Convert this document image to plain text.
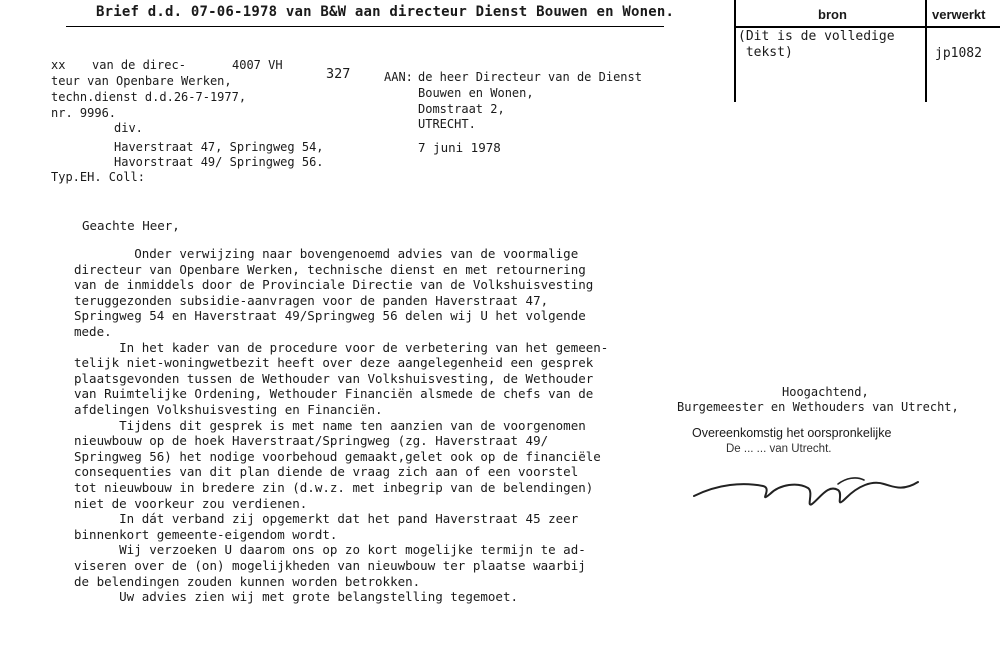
Brief d.d. 07-06-1978 van B&W aan directeur Dienst Bouwen en Wonen.	bron	verwerkt
(Dit is de volledige
tekst)	jp1082
xx van de direc-	4007 VH
teur van Openbare Werken,
techn.dienst d.d.26-7-1977,
nr. 9996.
div.
327
Haverstraat 47, Springweg 54,
Havorstraat 49/ Springweg 56.
Typ.EH. Coll:
AAN: de heer Directeur van de Dienst
Bouwen en Wonen,
Domstraat 2,
UTRECHT.
7 juni 1978
Geachte Heer,
Onder verwijzing naar bovengenoemd advies van de voormalige
directeur van Openbare Werken, technische dienst en met retournering
van de inmiddels door de Provinciale Directie van de Volkshuisvesting
teruggezonden subsidie-aanvragen voor de panden Haverstraat 47,
Springweg 54 en Haverstraat 49/Springweg 56 delen wij U het volgende
mede.
In het kader van de procedure voor de verbetering van het gemeen-
telijk niet-woningwetbezit heeft over deze aangelegenheid een gesprek
plaatsgevonden tussen de Wethouder van Volkshuisvesting, de Wethouder
van Ruimtelijke Ordening, Wethouder Financiën alsmede de chefs van de
afdelingen Volkshuisvesting en Financiën.
Tijdens dit gesprek is met name ten aanzien van de voorgenomen
nieuwbouw op de hoek Haverstraat/Springweg (zg. Haverstraat 49/
Springweg 56) het nodige voorbehoud gemaakt,gelet ook op de financiële
consequenties van dit plan diende de vraag zich aan of een voorstel
tot nieuwbouw in bredere zin (d.w.z. met inbegrip van de belendingen)
niet de voorkeur zou verdienen.
In dát verband zij opgemerkt dat het pand Haverstraat 45 zeer
binnenkort gemeente-eigendom wordt.
Wij verzoeken U daarom ons op zo kort mogelijke termijn te ad-
viseren over de (on) mogelijkheden van nieuwbouw ter plaatse waarbij
de belendingen zouden kunnen worden betrokken.
Uw advies zien wij met grote belangstelling tegemoet.
Hoogachtend,
Burgemeester en Wethouders van Utrecht,
Overeenkomstig het oorspronkelijke
De ... ... van Utrecht.
